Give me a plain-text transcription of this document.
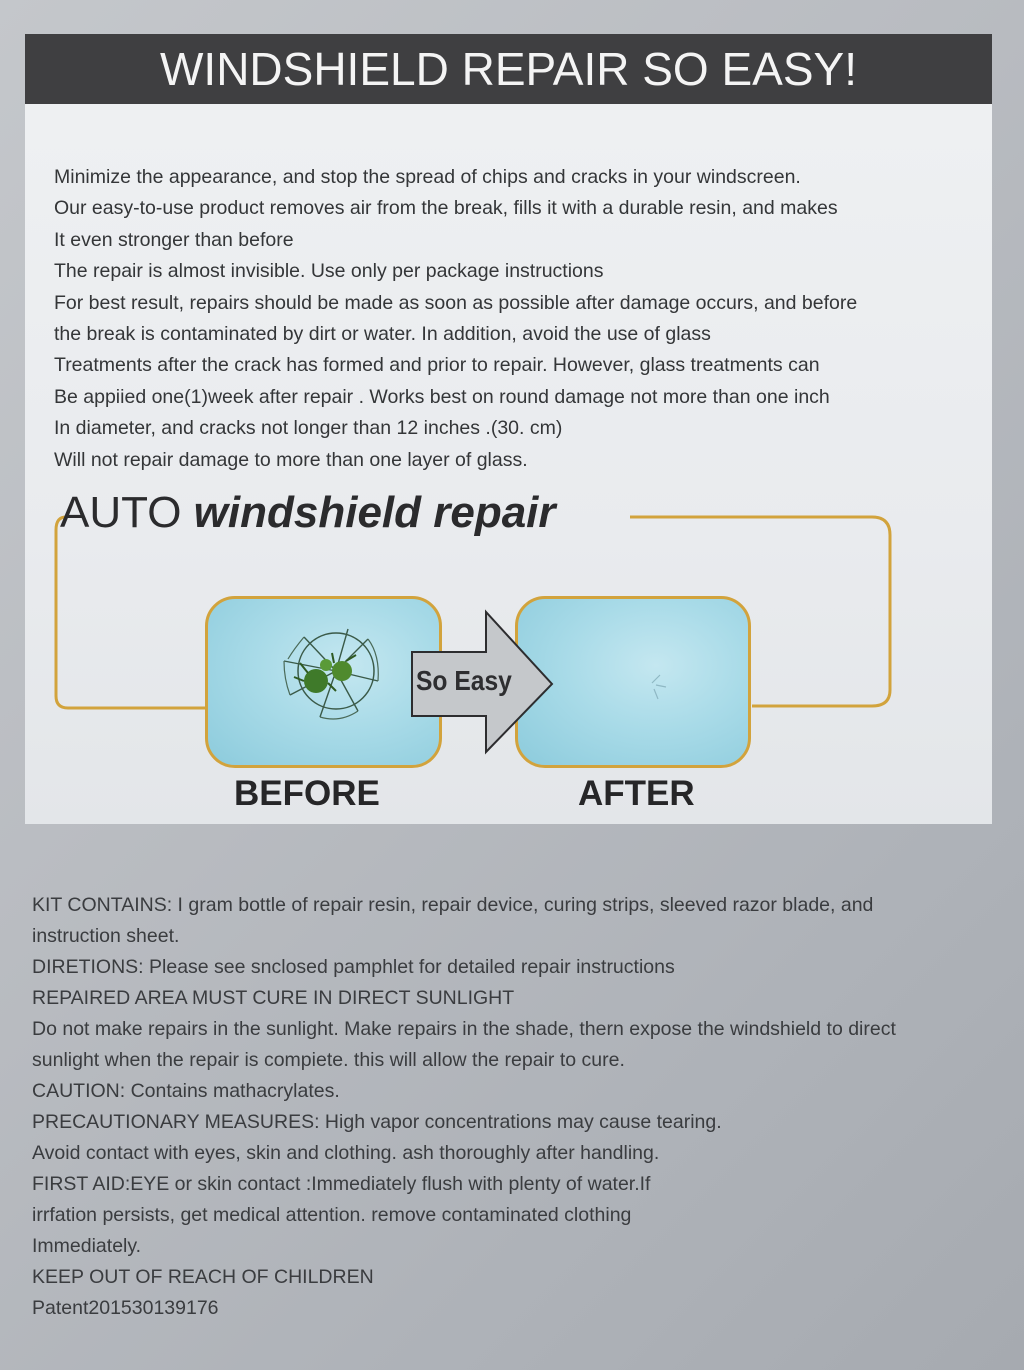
WINDSHIELD REPAIR SO EASY!
Minimize the appearance, and stop the spread of chips and cracks in your windscreen.
Our easy-to-use product removes air from the break, fills it with a durable resin, and makes
It even stronger than before
The repair is almost invisible. Use only per package instructions
For best result, repairs should be made as soon as possible after damage occurs, and before
the break is contaminated by dirt or water. In addition, avoid the use of glass
Treatments after the crack has formed and prior to repair. However, glass treatments can
Be appiied one(1)week after repair . Works best on round damage not more than one inch
In diameter, and cracks not longer than 12 inches .(30. cm)
Will not repair damage to more than one layer of glass.
AUTO windshield repair
So Easy
BEFORE	AFTER
KIT CONTAINS: I gram bottle of repair resin, repair device, curing strips, sleeved razor blade, and
instruction sheet.
DIRETIONS: Please see snclosed pamphlet for detailed repair instructions
REPAIRED AREA MUST CURE IN DIRECT SUNLIGHT
Do not make repairs in the sunlight. Make repairs in the shade, thern expose the windshield to direct
sunlight when the repair is compiete. this will allow the repair to cure.
CAUTION: Contains mathacrylates.
PRECAUTIONARY MEASURES: High vapor concentrations may cause tearing.
Avoid contact with eyes, skin and clothing. ash thoroughly after handling.
FIRST AID:EYE or skin contact :Immediately flush with plenty of water.If
irrfation persists, get medical attention. remove contaminated clothing
Immediately.
KEEP OUT OF REACH OF CHILDREN
Patent201530139176
